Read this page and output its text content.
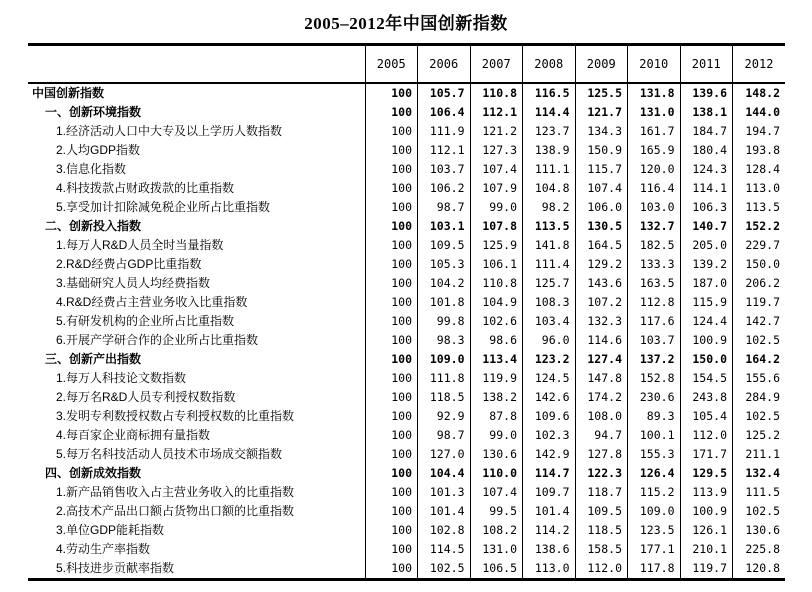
2005–2012年中国创新指数
	2005	2006	2007	2008	2009	2010	2011	2012
中国创新指数	100	105.7	110.8	116.5	125.5	131.8	139.6	148.2
一、创新环境指数	100	106.4	112.1	114.4	121.7	131.0	138.1	144.0
1.经济活动人口中大专及以上学历人数指数	100	111.9	121.2	123.7	134.3	161.7	184.7	194.7
2.人均GDP指数	100	112.1	127.3	138.9	150.9	165.9	180.4	193.8
3.信息化指数	100	103.7	107.4	111.1	115.7	120.0	124.3	128.4
4.科技拨款占财政拨款的比重指数	100	106.2	107.9	104.8	107.4	116.4	114.1	113.0
5.享受加计扣除减免税企业所占比重指数	100	98.7	99.0	98.2	106.0	103.0	106.3	113.5
二、创新投入指数	100	103.1	107.8	113.5	130.5	132.7	140.7	152.2
1.每万人R&D人员全时当量指数	100	109.5	125.9	141.8	164.5	182.5	205.0	229.7
2.R&D经费占GDP比重指数	100	105.3	106.1	111.4	129.2	133.3	139.2	150.0
3.基础研究人员人均经费指数	100	104.2	110.8	125.7	143.6	163.5	187.0	206.2
4.R&D经费占主营业务收入比重指数	100	101.8	104.9	108.3	107.2	112.8	115.9	119.7
5.有研发机构的企业所占比重指数	100	99.8	102.6	103.4	132.3	117.6	124.4	142.7
6.开展产学研合作的企业所占比重指数	100	98.3	98.6	96.0	114.6	103.7	100.9	102.5
三、创新产出指数	100	109.0	113.4	123.2	127.4	137.2	150.0	164.2
1.每万人科技论文数指数	100	111.8	119.9	124.5	147.8	152.8	154.5	155.6
2.每万名R&D人员专利授权数指数	100	118.5	138.2	142.6	174.2	230.6	243.8	284.9
3.发明专利数授权数占专利授权数的比重指数	100	92.9	87.8	109.6	108.0	89.3	105.4	102.5
4.每百家企业商标拥有量指数	100	98.7	99.0	102.3	94.7	100.1	112.0	125.2
5.每万名科技活动人员技术市场成交额指数	100	127.0	130.6	142.9	127.8	155.3	171.7	211.1
四、创新成效指数	100	104.4	110.0	114.7	122.3	126.4	129.5	132.4
1.新产品销售收入占主营业务收入的比重指数	100	101.3	107.4	109.7	118.7	115.2	113.9	111.5
2.高技术产品出口额占货物出口额的比重指数	100	101.4	99.5	101.4	109.5	109.0	100.9	102.5
3.单位GDP能耗指数	100	102.8	108.2	114.2	118.5	123.5	126.1	130.6
4.劳动生产率指数	100	114.5	131.0	138.6	158.5	177.1	210.1	225.8
5.科技进步贡献率指数	100	102.5	106.5	113.0	112.0	117.8	119.7	120.8
